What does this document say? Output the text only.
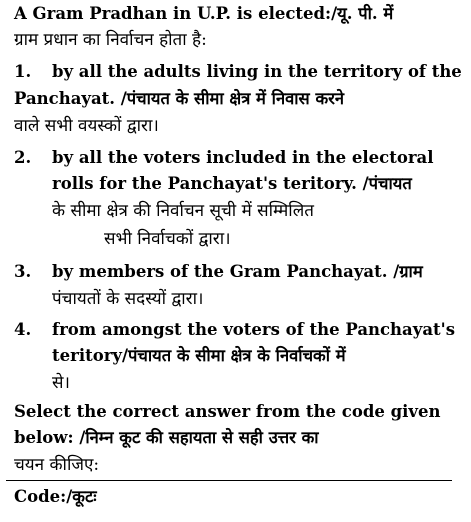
A Gram Pradhan in U.P. is elected:/यू. पी. में
ग्राम प्रधान का निर्वाचन होता है:
1. by all the adults living in the territory of the
Panchayat. /पंचायत के सीमा क्षेत्र में निवास करने
वाले सभी वयस्कों द्वारा।
2. by all the voters included in the electoral
rolls for the Panchayat's teritory. /पंचायत
के सीमा क्षेत्र की निर्वाचन सूची में सम्मिलित
सभी निर्वाचकों द्वारा।
3. by members of the Gram Panchayat. /ग्राम
पंचायतों के सदस्यों द्वारा।
4. from amongst the voters of the Panchayat's
teritory/पंचायत के सीमा क्षेत्र के निर्वाचकों में
से।
Select the correct answer from the code given
below: /निम्न कूट की सहायता से सही उत्तर का
चयन कीजिए:
Code:/कूटः
